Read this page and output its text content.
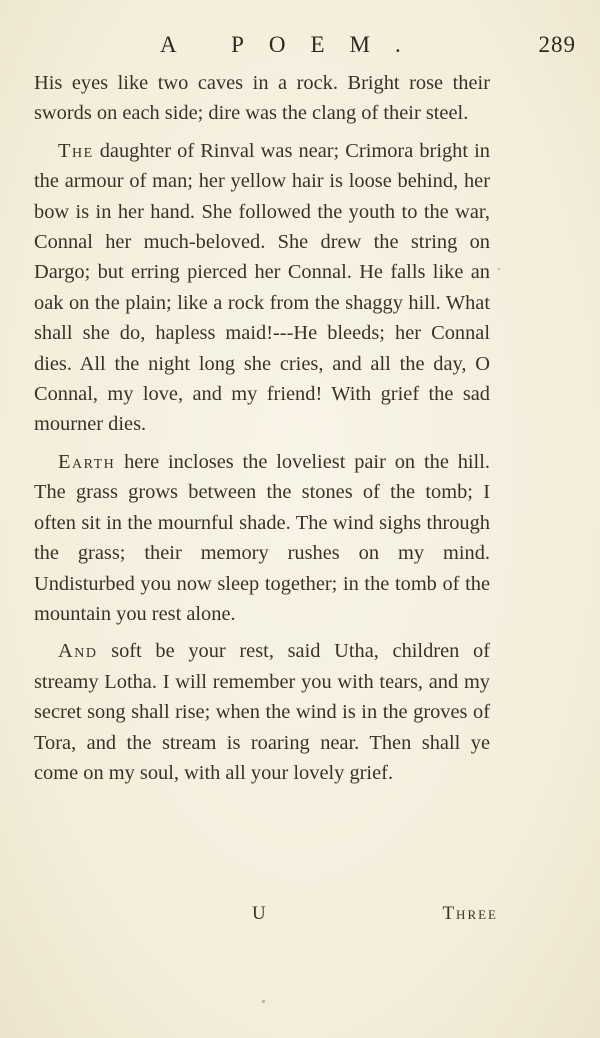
A POEM.	289

His eyes like two caves in a rock. Bright rose their swords on each side; dire was the clang of their steel.

The daughter of Rinval was near; Crimora bright in the armour of man; her yellow hair is loose behind, her bow is in her hand. She followed the youth to the war, Connal her much-beloved. She drew the string on Dargo; but erring pierced her Connal. He falls like an oak on the plain; like a rock from the shaggy hill. What shall she do, hapless maid!---He bleeds; her Connal dies. All the night long she cries, and all the day, O Connal, my love, and my friend! With grief the sad mourner dies.

Earth here incloses the loveliest pair on the hill. The grass grows between the stones of the tomb; I often sit in the mournful shade. The wind sighs through the grass; their memory rushes on my mind. Undisturbed you now sleep together; in the tomb of the mountain you rest alone.

And soft be your rest, said Utha, children of streamy Lotha. I will remember you with tears, and my secret song shall rise; when the wind is in the groves of Tora, and the stream is roaring near. Then shall ye come on my soul, with all your lovely grief.

U	Three
